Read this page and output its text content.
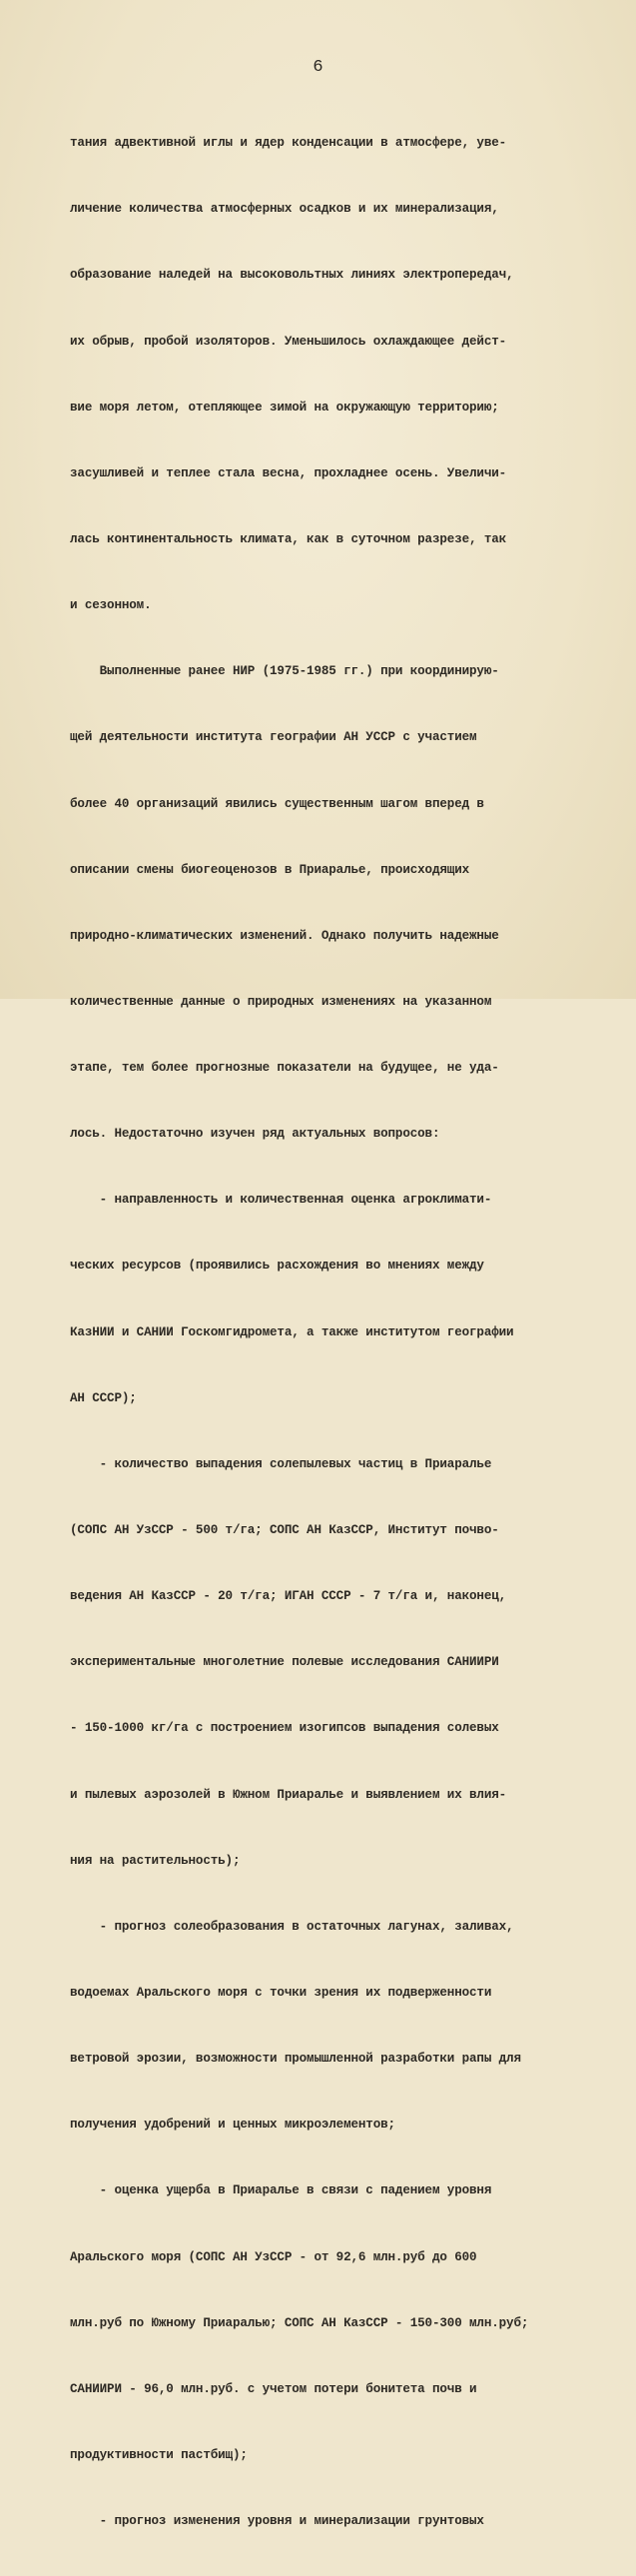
6

тания адвективной иглы и ядер конденсации в атмосфере, уве-

личение количества атмосферных осадков и их минерализация,

образование наледей на высоковольтных линиях электропередач,

их обрыв, пробой изоляторов. Уменьшилось охлаждающее дейст-

вие моря летом, отепляющее зимой на окружающую территорию;

засушливей и теплее стала весна, прохладнее осень. Увеличи-

лась континентальность климата, как в суточном разрезе, так

и сезонном.

Выполненные ранее НИР (1975-1985 гг.) при координирую-

щей деятельности института географии АН УССР с участием

более 40 организаций явились существенным шагом вперед в

описании смены биогеоценозов в Приаралье, происходящих

природно-климатических изменений. Однако получить надежные

количественные данные о природных изменениях на указанном

этапе, тем более прогнозные показатели на будущее, не уда-

лось. Недостаточно изучен ряд актуальных вопросов:

- направленность и количественная оценка агроклимати-

ческих ресурсов (проявились расхождения во мнениях между

КазНИИ и САНИИ Госкомгидромета, а также институтом географии

АН СССР);

- количество выпадения солепылевых частиц в Приаралье

(СОПС АН УзССР - 500 т/га; СОПС АН КазССР, Институт почво-

ведения АН КазССР - 20 т/га; ИГАН СССР - 7 т/га и, наконец,

экспериментальные многолетние полевые исследования САНИИРИ

- 150-1000 кг/га с построением изогипсов выпадения солевых

и пылевых аэрозолей в Южном Приаралье и выявлением их влия-

ния на растительность);

- прогноз солеобразования в остаточных лагунах, заливах,

водоемах Аральского моря с точки зрения их подверженности

ветровой эрозии, возможности промышленной разработки рапы для

получения удобрений и ценных микроэлементов;

- оценка ущерба в Приаралье в связи с падением уровня

Аральского моря (СОПС АН УзССР - от 92,6 млн.руб до 600

млн.руб по Южному Приаралью; СОПС АН КазССР - 150-300 млн.руб;

САНИИРИ - 96,0 млн.руб. с учетом потери бонитета почв и

продуктивности пастбищ);

- прогноз изменения уровня и минерализации грунтовых
